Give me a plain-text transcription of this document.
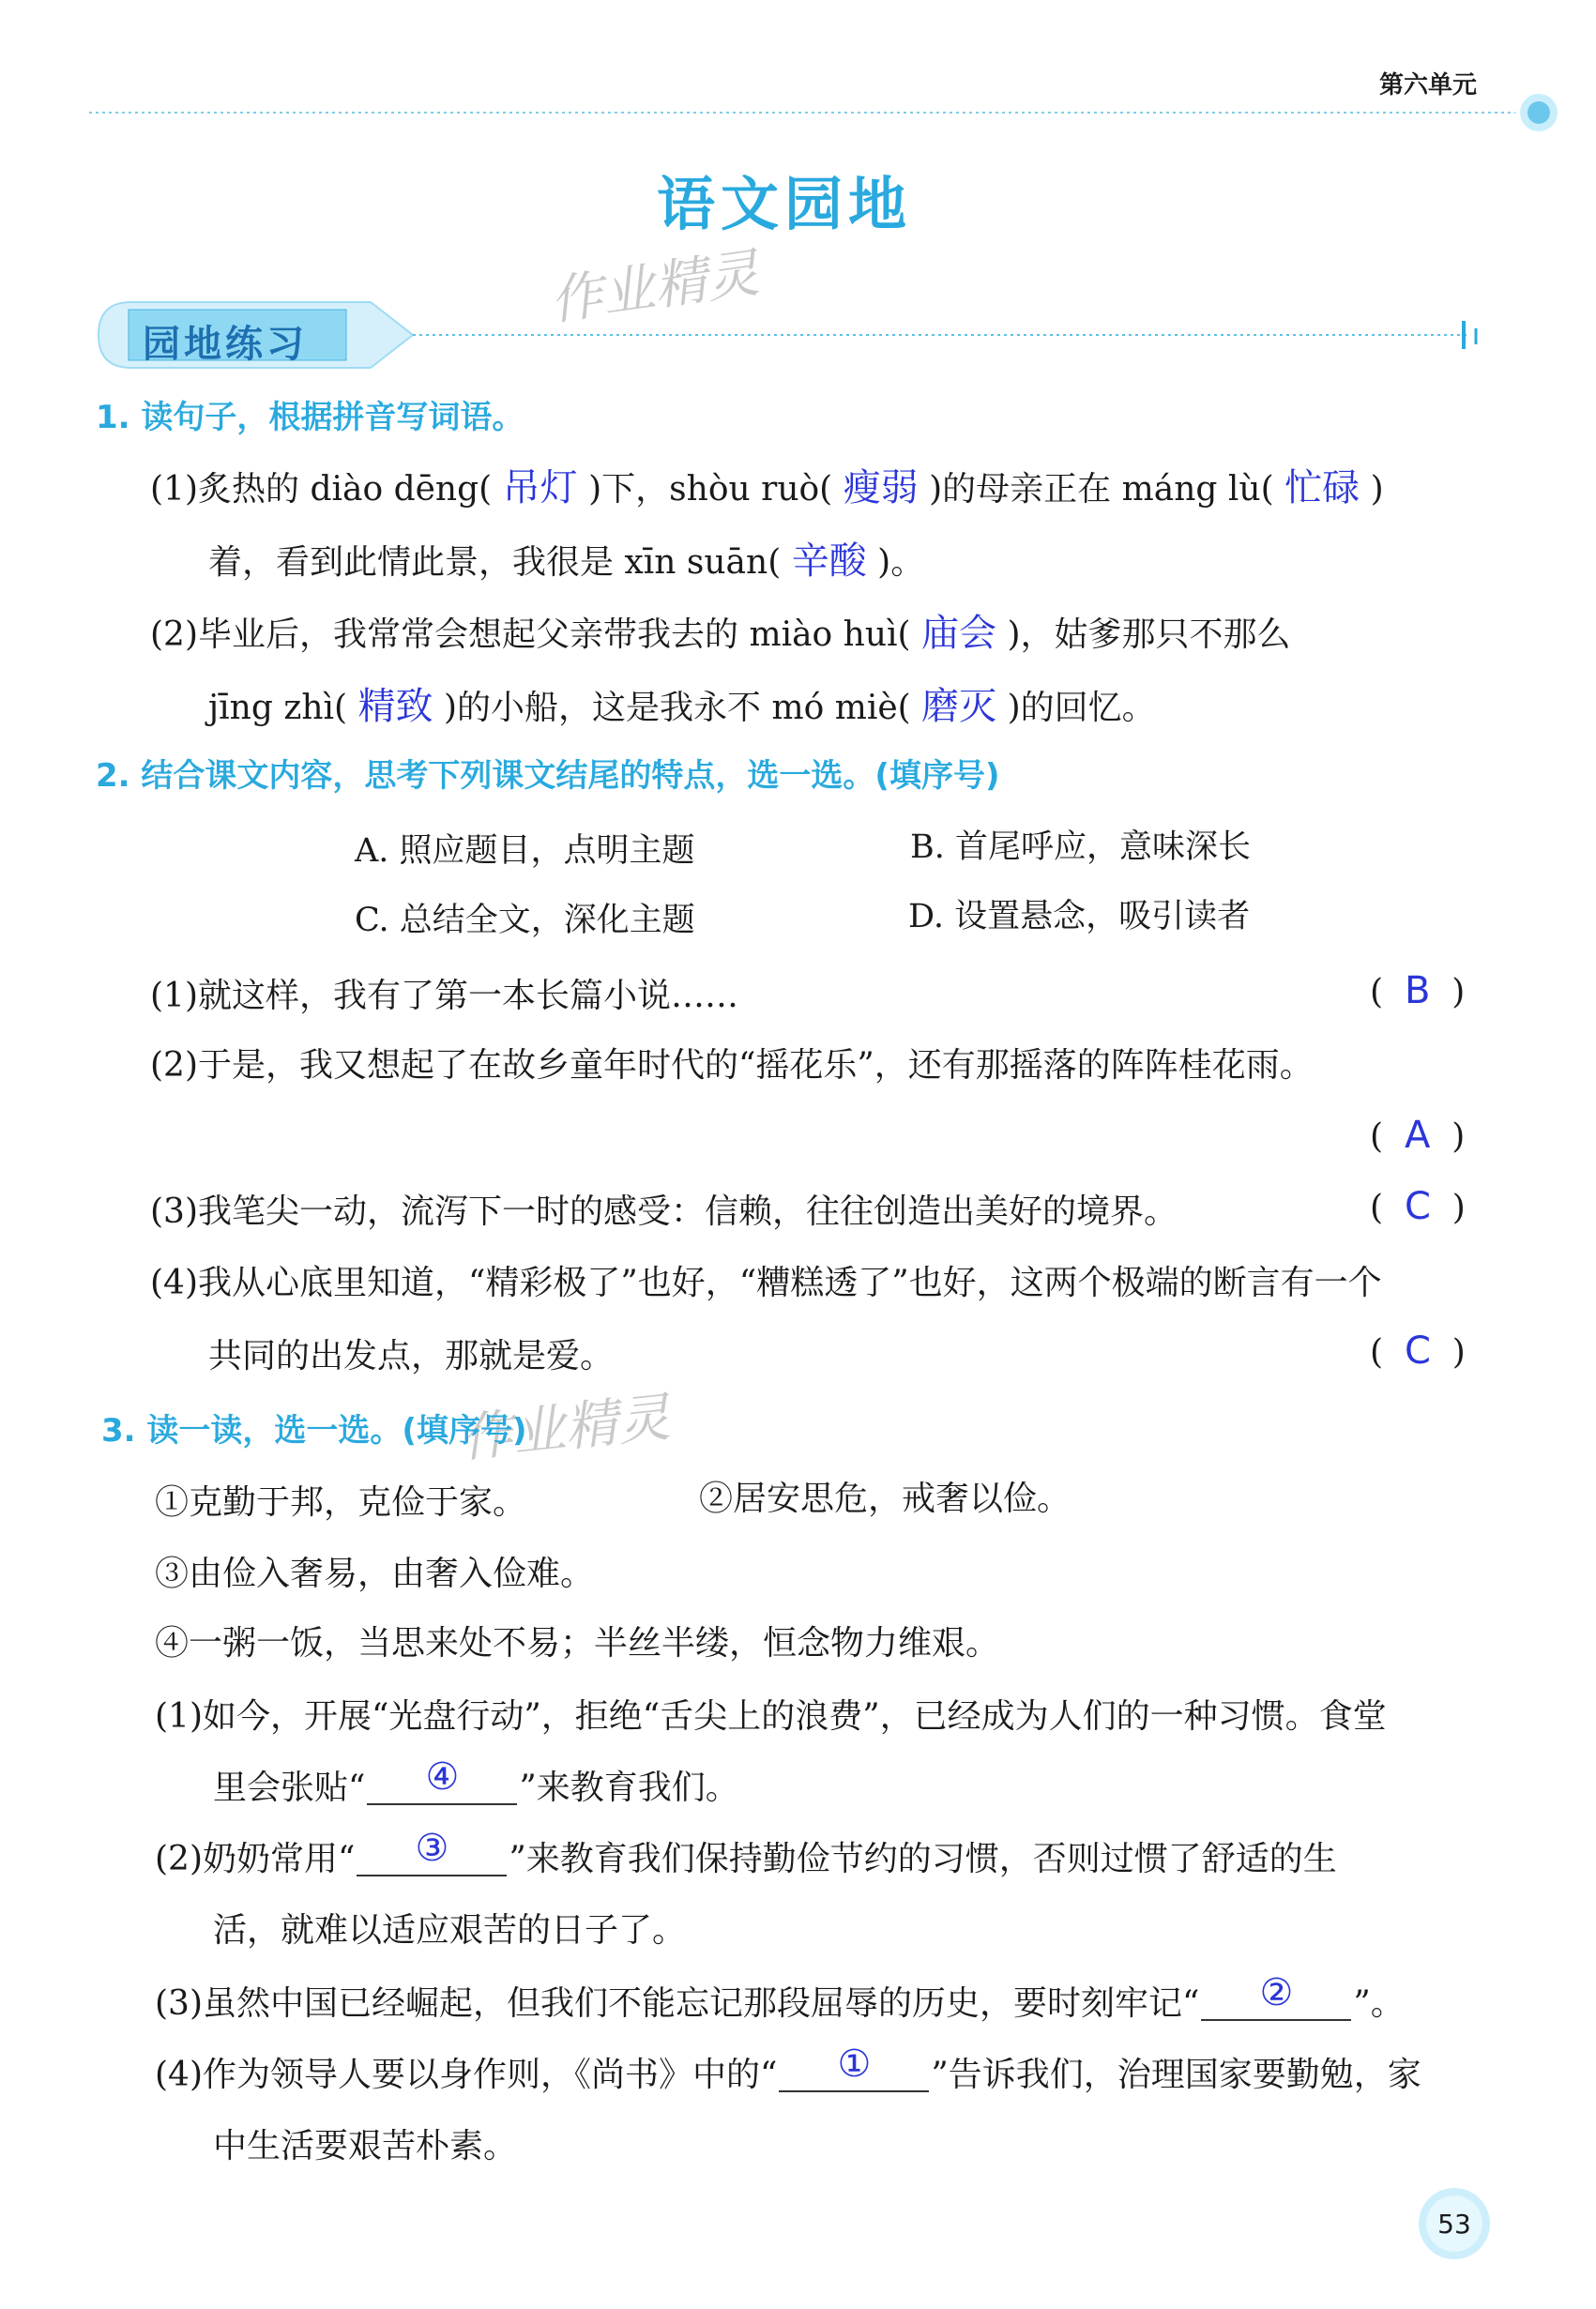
第六单元
语文园地
作业精灵
作业精灵
园地练习
1. 读句子，根据拼音写词语。
(1)炙热的 diào dēng( 吊灯 )下，shòu ruò( 瘦弱 )的母亲正在 máng lù( 忙碌 )
着，看到此情此景，我很是 xīn suān( 辛酸 )。
(2)毕业后，我常常会想起父亲带我去的 miào huì( 庙会 )，姑爹那只不那么
jīng zhì( 精致 )的小船，这是我永不 mó miè( 磨灭 )的回忆。
2. 结合课文内容，思考下列课文结尾的特点，选一选。(填序号)
A. 照应题目，点明主题	B. 首尾呼应，意味深长
C. 总结全文，深化主题	D. 设置悬念，吸引读者
(1)就这样，我有了第一本长篇小说……	(  B  )
(2)于是，我又想起了在故乡童年时代的“摇花乐”，还有那摇落的阵阵桂花雨。
(  A  )
(3)我笔尖一动，流泻下一时的感受：信赖，往往创造出美好的境界。	(  C  )
(4)我从心底里知道，“精彩极了”也好，“糟糕透了”也好，这两个极端的断言有一个
共同的出发点，那就是爱。	(  C  )
3. 读一读，选一选。(填序号)
①克勤于邦，克俭于家。	②居安思危，戒奢以俭。
③由俭入奢易，由奢入俭难。
④一粥一饭，当思来处不易；半丝半缕，恒念物力维艰。
(1)如今，开展“光盘行动”，拒绝“舌尖上的浪费”，已经成为人们的一种习惯。食堂
里会张贴“	④	”来教育我们。
(2)奶奶常用“	③	”来教育我们保持勤俭节约的习惯，否则过惯了舒适的生
活，就难以适应艰苦的日子了。
(3)虽然中国已经崛起，但我们不能忘记那段屈辱的历史，要时刻牢记“	②	”。
(4)作为领导人要以身作则，《尚书》中的“	①	”告诉我们，治理国家要勤勉，家
中生活要艰苦朴素。
53
